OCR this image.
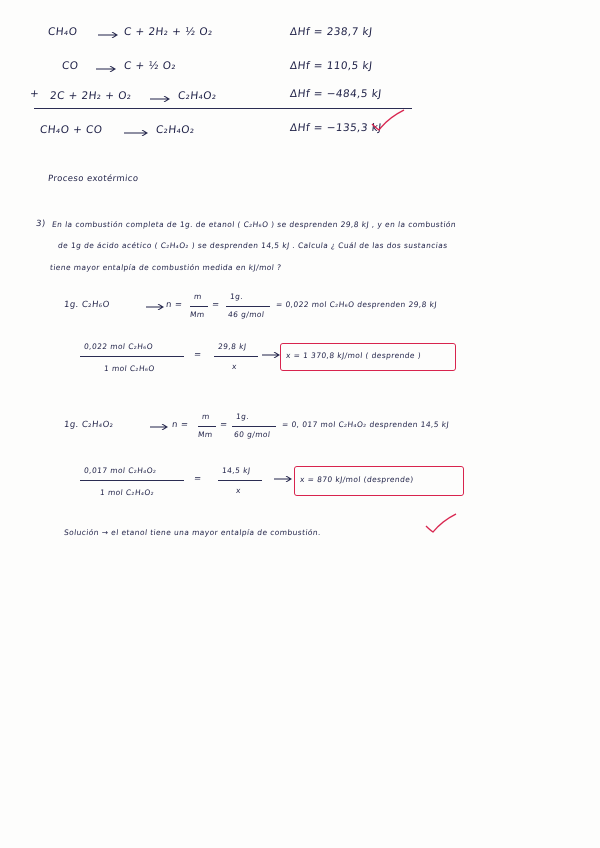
CH₄O	C + 2H₂ + ½ O₂	ΔHf = 238,7 kJ
CO	C + ½ O₂	ΔHf = 110,5 kJ
+ 2C + 2H₂ + O₂	C₂H₄O₂	ΔHf = −484,5 kJ
CH₄O + CO	C₂H₄O₂	ΔHf = −135,3 kJ
Proceso exotérmico
3) En la combustión completa de 1g. de etanol ( C₂H₆O ) se desprenden 29,8 kJ , y en la combustión
de 1g de ácido acético ( C₂H₄O₂ ) se desprenden 14,5 kJ . Calcula ¿ Cuál de las dos sustancias
tiene mayor entalpía de combustión medida en kJ/mol ?
1g. C₂H₆O	n =
m
Mm
=
1g.
46 g/mol
= 0,022 mol C₂H₆O desprenden 29,8 kJ
0,022 mol C₂H₆O
1 mol C₂H₆O
=
29,8 kJ
x
x = 1 370,8 kJ/mol ( desprende )
1g. C₂H₄O₂	n =
m
Mm
=
1g.
60 g/mol
= 0, 017 mol C₂H₄O₂ desprenden 14,5 kJ
0,017 mol C₂H₄O₂
1 mol C₂H₄O₂
=
14,5 kJ
x
x = 870 kJ/mol (desprende)
Solución → el etanol tiene una mayor entalpía de combustión.
